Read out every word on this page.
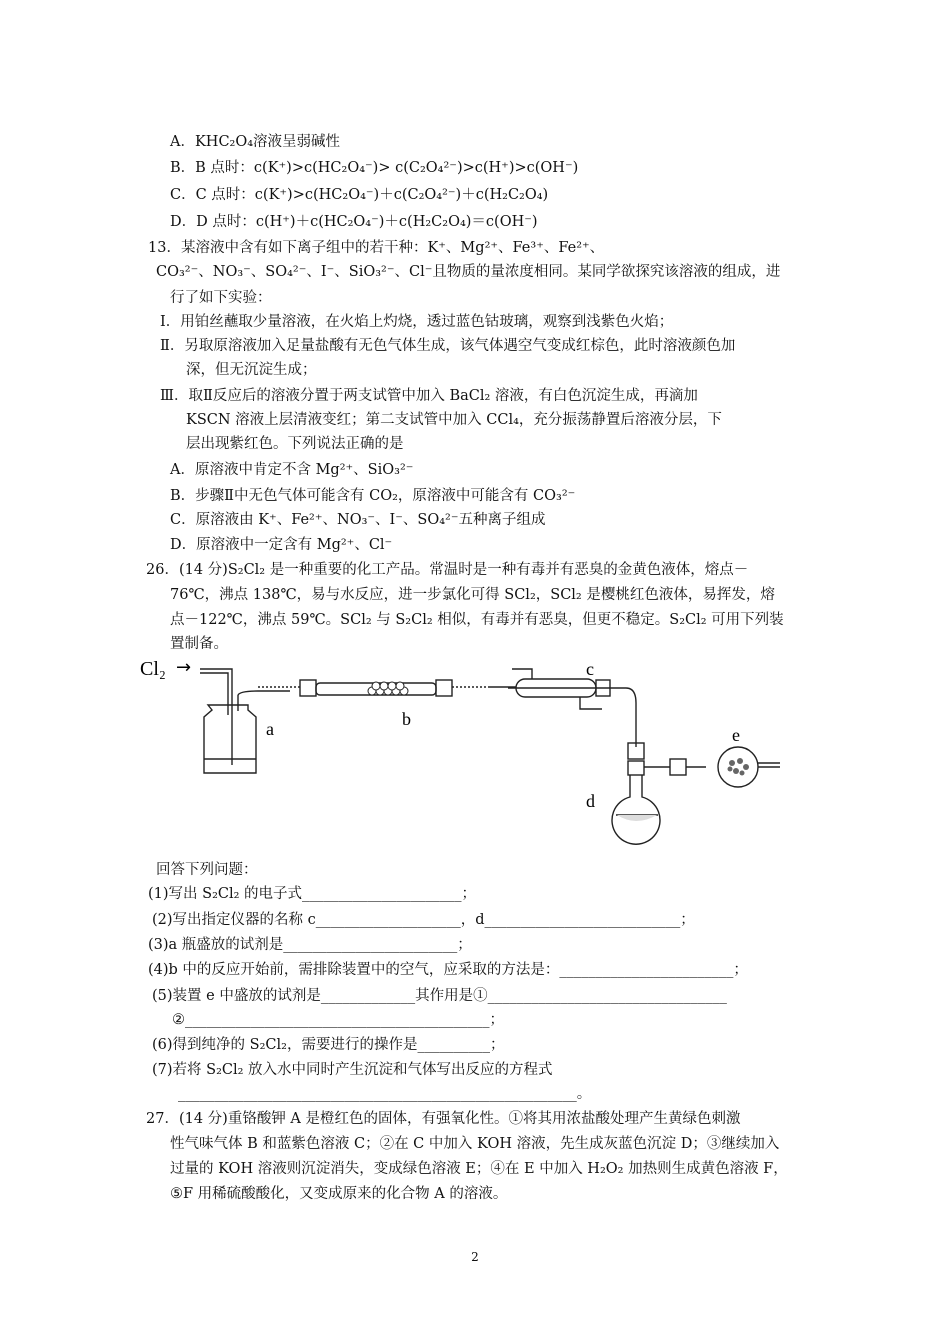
A．KHC₂O₄溶液呈弱碱性
B．B 点时：c(K⁺)>c(HC₂O₄⁻)> c(C₂O₄²⁻)>c(H⁺)>c(OH⁻)
C．C 点时：c(K⁺)>c(HC₂O₄⁻)＋c(C₂O₄²⁻)＋c(H₂C₂O₄)
D．D 点时：c(H⁺)＋c(HC₂O₄⁻)＋c(H₂C₂O₄)＝c(OH⁻)
13．某溶液中含有如下离子组中的若干种：K⁺、Mg²⁺、Fe³⁺、Fe²⁺、
CO₃²⁻、NO₃⁻、SO₄²⁻、I⁻、SiO₃²⁻、Cl⁻且物质的量浓度相同。某同学欲探究该溶液的组成，进
行了如下实验：
Ⅰ．用铂丝蘸取少量溶液，在火焰上灼烧，透过蓝色钴玻璃，观察到浅紫色火焰；
Ⅱ．另取原溶液加入足量盐酸有无色气体生成，该气体遇空气变成红棕色，此时溶液颜色加
深，但无沉淀生成；
Ⅲ．取Ⅱ反应后的溶液分置于两支试管中加入 BaCl₂ 溶液，有白色沉淀生成，再滴加
KSCN 溶液上层清液变红；第二支试管中加入 CCl₄，充分振荡静置后溶液分层，下
层出现紫红色。下列说法正确的是
A．原溶液中肯定不含 Mg²⁺、SiO₃²⁻
B．步骤Ⅱ中无色气体可能含有 CO₂，原溶液中可能含有 CO₃²⁻
C．原溶液由 K⁺、Fe²⁺、NO₃⁻、I⁻、SO₄²⁻五种离子组成
D．原溶液中一定含有 Mg²⁺、Cl⁻
26．(14 分)S₂Cl₂ 是一种重要的化工产品。常温时是一种有毒并有恶臭的金黄色液体，熔点－
76℃，沸点 138℃，易与水反应，进一步氯化可得 SCl₂，SCl₂ 是樱桃红色液体，易挥发，熔
点－122℃，沸点 59℃。SCl₂ 与 S₂Cl₂ 相似，有毒并有恶臭，但更不稳定。S₂Cl₂ 可用下列装
置制备。
Cl₂ →
a	b
c
d
e
回答下列问题：
(1)写出 S₂Cl₂ 的电子式______________________；
(2)写出指定仪器的名称 c____________________，d___________________________；
(3)a 瓶盛放的试剂是________________________；
(4)b 中的反应开始前，需排除装置中的空气，应采取的方法是：________________________；
(5)装置 e 中盛放的试剂是_____________其作用是①_________________________________
②__________________________________________；
(6)得到纯净的 S₂Cl₂，需要进行的操作是__________；
(7)若将 S₂Cl₂ 放入水中同时产生沉淀和气体写出反应的方程式
_______________________________________________________。
27．(14 分)重铬酸钾 A 是橙红色的固体，有强氧化性。①将其用浓盐酸处理产生黄绿色刺激
性气味气体 B 和蓝紫色溶液 C；②在 C 中加入 KOH 溶液，先生成灰蓝色沉淀 D；③继续加入
过量的 KOH 溶液则沉淀消失，变成绿色溶液 E；④在 E 中加入 H₂O₂ 加热则生成黄色溶液 F，
⑤F 用稀硫酸酸化，又变成原来的化合物 A 的溶液。
2
